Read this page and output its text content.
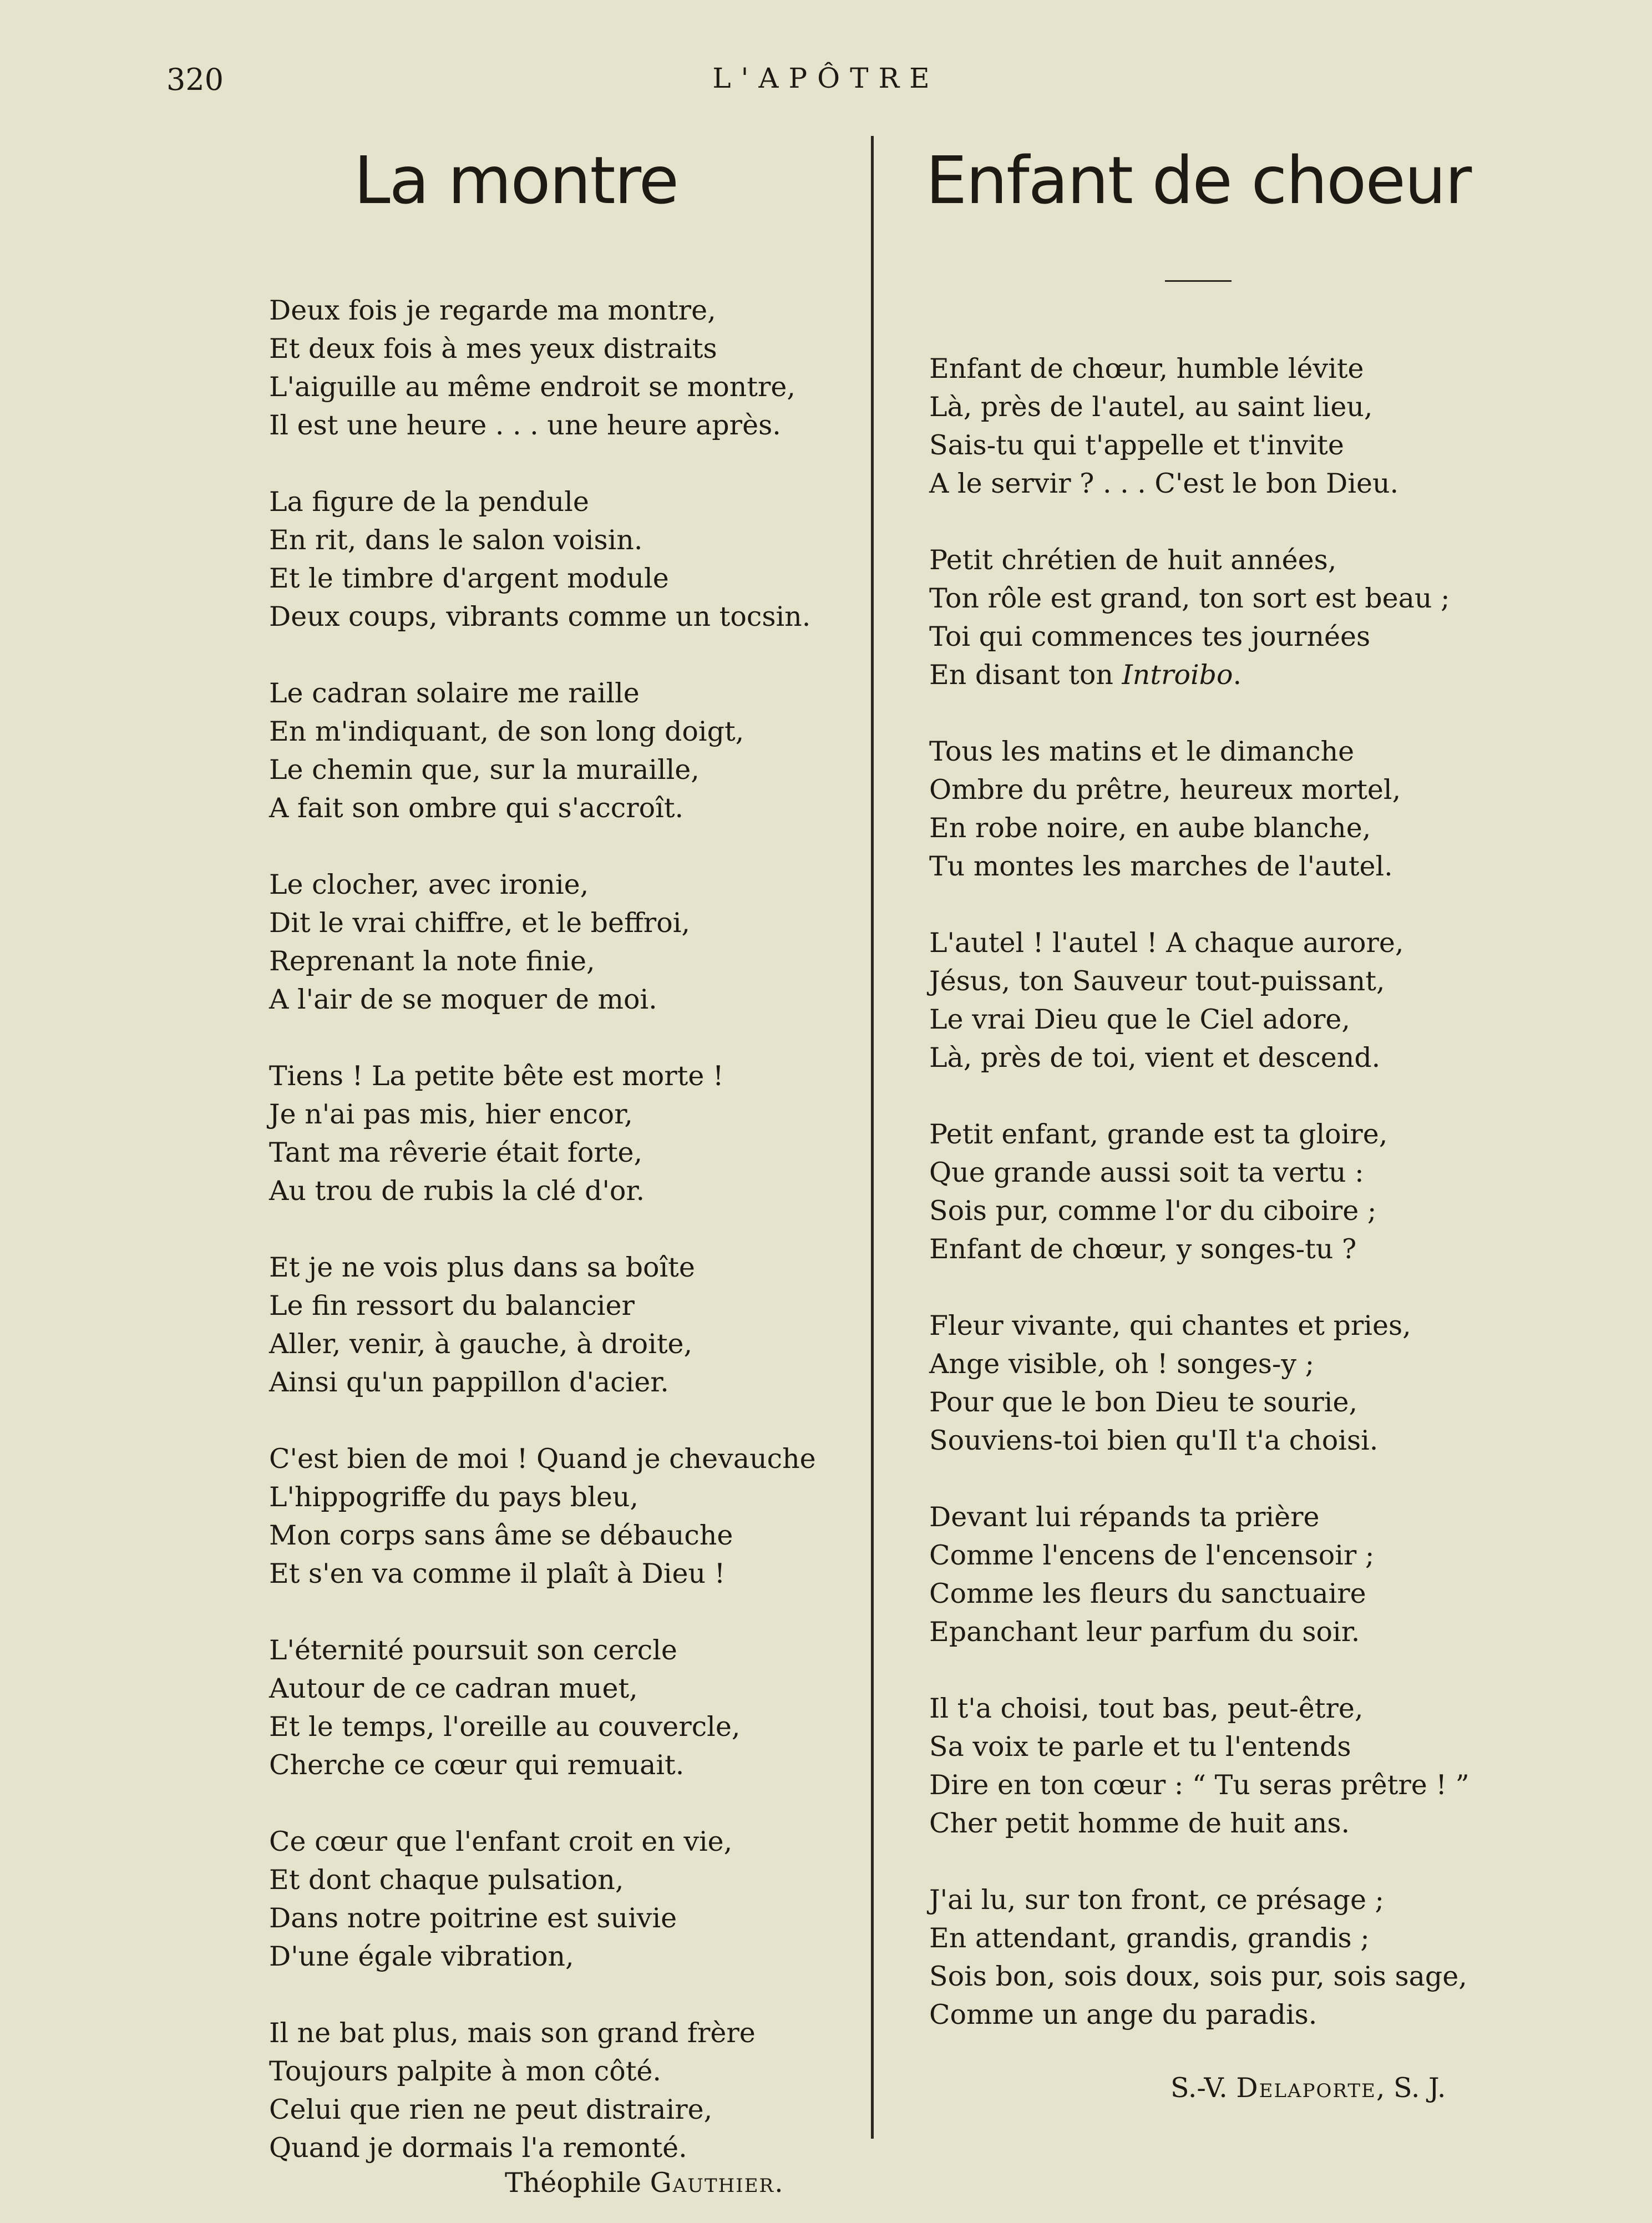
320	L'APÔTRE
La montre
Deux fois je regarde ma montre,
Et deux fois à mes yeux distraits
L'aiguille au même endroit se montre,
Il est une heure . . . une heure après.
La figure de la pendule
En rit, dans le salon voisin.
Et le timbre d'argent module
Deux coups, vibrants comme un tocsin.
Le cadran solaire me raille
En m'indiquant, de son long doigt,
Le chemin que, sur la muraille,
A fait son ombre qui s'accroît.
Le clocher, avec ironie,
Dit le vrai chiffre, et le beffroi,
Reprenant la note finie,
A l'air de se moquer de moi.
Tiens ! La petite bête est morte !
Je n'ai pas mis, hier encor,
Tant ma rêverie était forte,
Au trou de rubis la clé d'or.
Et je ne vois plus dans sa boîte
Le fin ressort du balancier
Aller, venir, à gauche, à droite,
Ainsi qu'un pappillon d'acier.
C'est bien de moi ! Quand je chevauche
L'hippogriffe du pays bleu,
Mon corps sans âme se débauche
Et s'en va comme il plaît à Dieu !
L'éternité poursuit son cercle
Autour de ce cadran muet,
Et le temps, l'oreille au couvercle,
Cherche ce cœur qui remuait.
Ce cœur que l'enfant croit en vie,
Et dont chaque pulsation,
Dans notre poitrine est suivie
D'une égale vibration,
Il ne bat plus, mais son grand frère
Toujours palpite à mon côté.
Celui que rien ne peut distraire,
Quand je dormais l'a remonté.
Théophile Gauthier.
Enfant de choeur
Enfant de chœur, humble lévite
Là, près de l'autel, au saint lieu,
Sais-tu qui t'appelle et t'invite
A le servir ? . . . C'est le bon Dieu.
Petit chrétien de huit années,
Ton rôle est grand, ton sort est beau ;
Toi qui commences tes journées
En disant ton Introibo.
Tous les matins et le dimanche
Ombre du prêtre, heureux mortel,
En robe noire, en aube blanche,
Tu montes les marches de l'autel.
L'autel ! l'autel ! A chaque aurore,
Jésus, ton Sauveur tout-puissant,
Le vrai Dieu que le Ciel adore,
Là, près de toi, vient et descend.
Petit enfant, grande est ta gloire,
Que grande aussi soit ta vertu :
Sois pur, comme l'or du ciboire ;
Enfant de chœur, y songes-tu ?
Fleur vivante, qui chantes et pries,
Ange visible, oh ! songes-y ;
Pour que le bon Dieu te sourie,
Souviens-toi bien qu'Il t'a choisi.
Devant lui répands ta prière
Comme l'encens de l'encensoir ;
Comme les fleurs du sanctuaire
Epanchant leur parfum du soir.
Il t'a choisi, tout bas, peut-être,
Sa voix te parle et tu l'entends
Dire en ton cœur : “ Tu seras prêtre ! ”
Cher petit homme de huit ans.
J'ai lu, sur ton front, ce présage ;
En attendant, grandis, grandis ;
Sois bon, sois doux, sois pur, sois sage,
Comme un ange du paradis.
S.-V. Delaporte, S. J.
